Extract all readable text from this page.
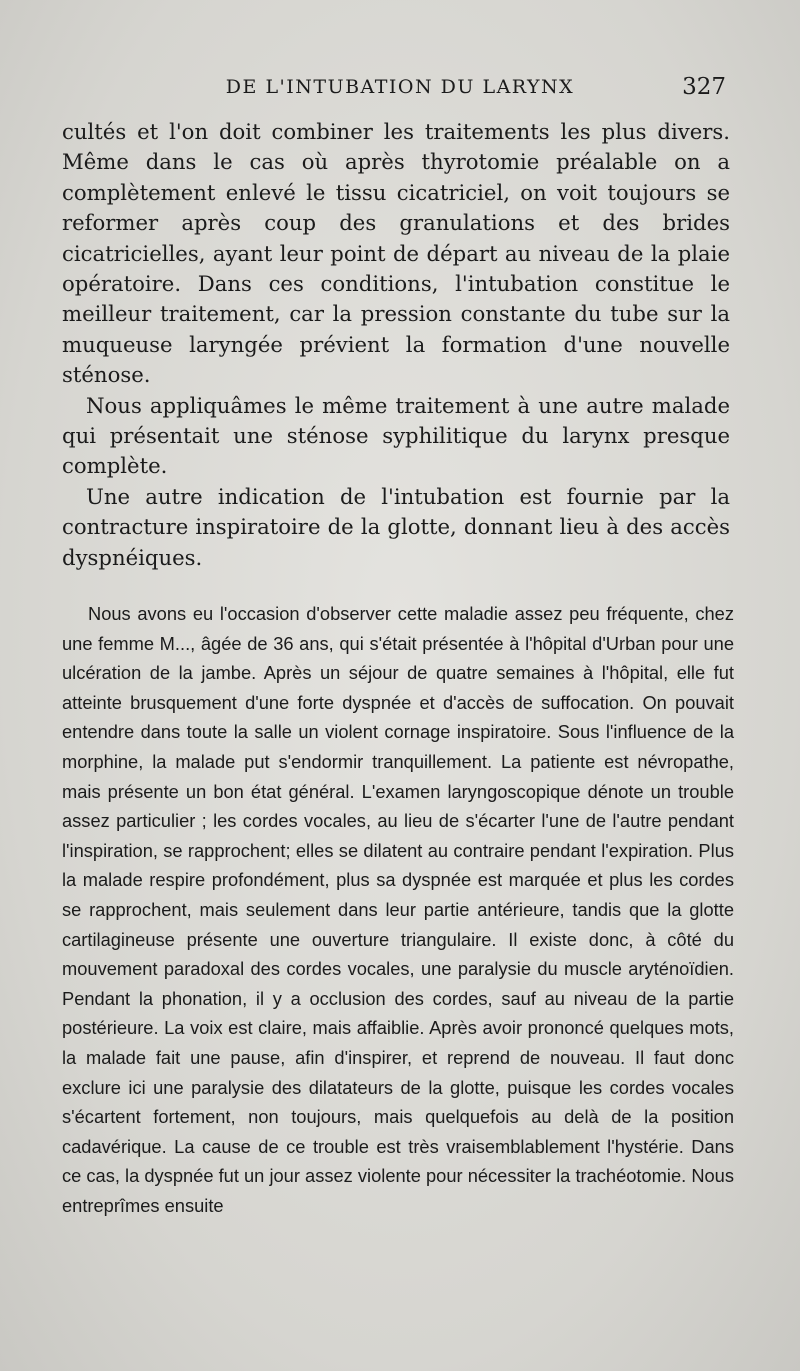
DE L'INTUBATION DU LARYNX	327

cultés et l'on doit combiner les traitements les plus divers. Même dans le cas où après thyrotomie préalable on a complètement enlevé le tissu cicatriciel, on voit toujours se reformer après coup des granulations et des brides cicatricielles, ayant leur point de départ au niveau de la plaie opératoire. Dans ces conditions, l'intubation constitue le meilleur traitement, car la pression constante du tube sur la muqueuse laryngée prévient la formation d'une nouvelle sténose.

Nous appliquâmes le même traitement à une autre malade qui présentait une sténose syphilitique du larynx presque complète.

Une autre indication de l'intubation est fournie par la contracture inspiratoire de la glotte, donnant lieu à des accès dyspnéiques.

Nous avons eu l'occasion d'observer cette maladie assez peu fréquente, chez une femme M..., âgée de 36 ans, qui s'était présentée à l'hôpital d'Urban pour une ulcération de la jambe. Après un séjour de quatre semaines à l'hôpital, elle fut atteinte brusquement d'une forte dyspnée et d'accès de suffocation. On pouvait entendre dans toute la salle un violent cornage inspiratoire. Sous l'influence de la morphine, la malade put s'endormir tranquillement. La patiente est névropathe, mais présente un bon état général. L'examen laryngoscopique dénote un trouble assez particulier ; les cordes vocales, au lieu de s'écarter l'une de l'autre pendant l'inspiration, se rapprochent; elles se dilatent au contraire pendant l'expiration. Plus la malade respire profondément, plus sa dyspnée est marquée et plus les cordes se rapprochent, mais seulement dans leur partie antérieure, tandis que la glotte cartilagineuse présente une ouverture triangulaire. Il existe donc, à côté du mouvement paradoxal des cordes vocales, une paralysie du muscle aryténoïdien. Pendant la phonation, il y a occlusion des cordes, sauf au niveau de la partie postérieure. La voix est claire, mais affaiblie. Après avoir prononcé quelques mots, la malade fait une pause, afin d'inspirer, et reprend de nouveau. Il faut donc exclure ici une paralysie des dilatateurs de la glotte, puisque les cordes vocales s'écartent fortement, non toujours, mais quelquefois au delà de la position cadavérique. La cause de ce trouble est très vraisemblablement l'hystérie. Dans ce cas, la dyspnée fut un jour assez violente pour nécessiter la trachéotomie. Nous entreprîmes ensuite
